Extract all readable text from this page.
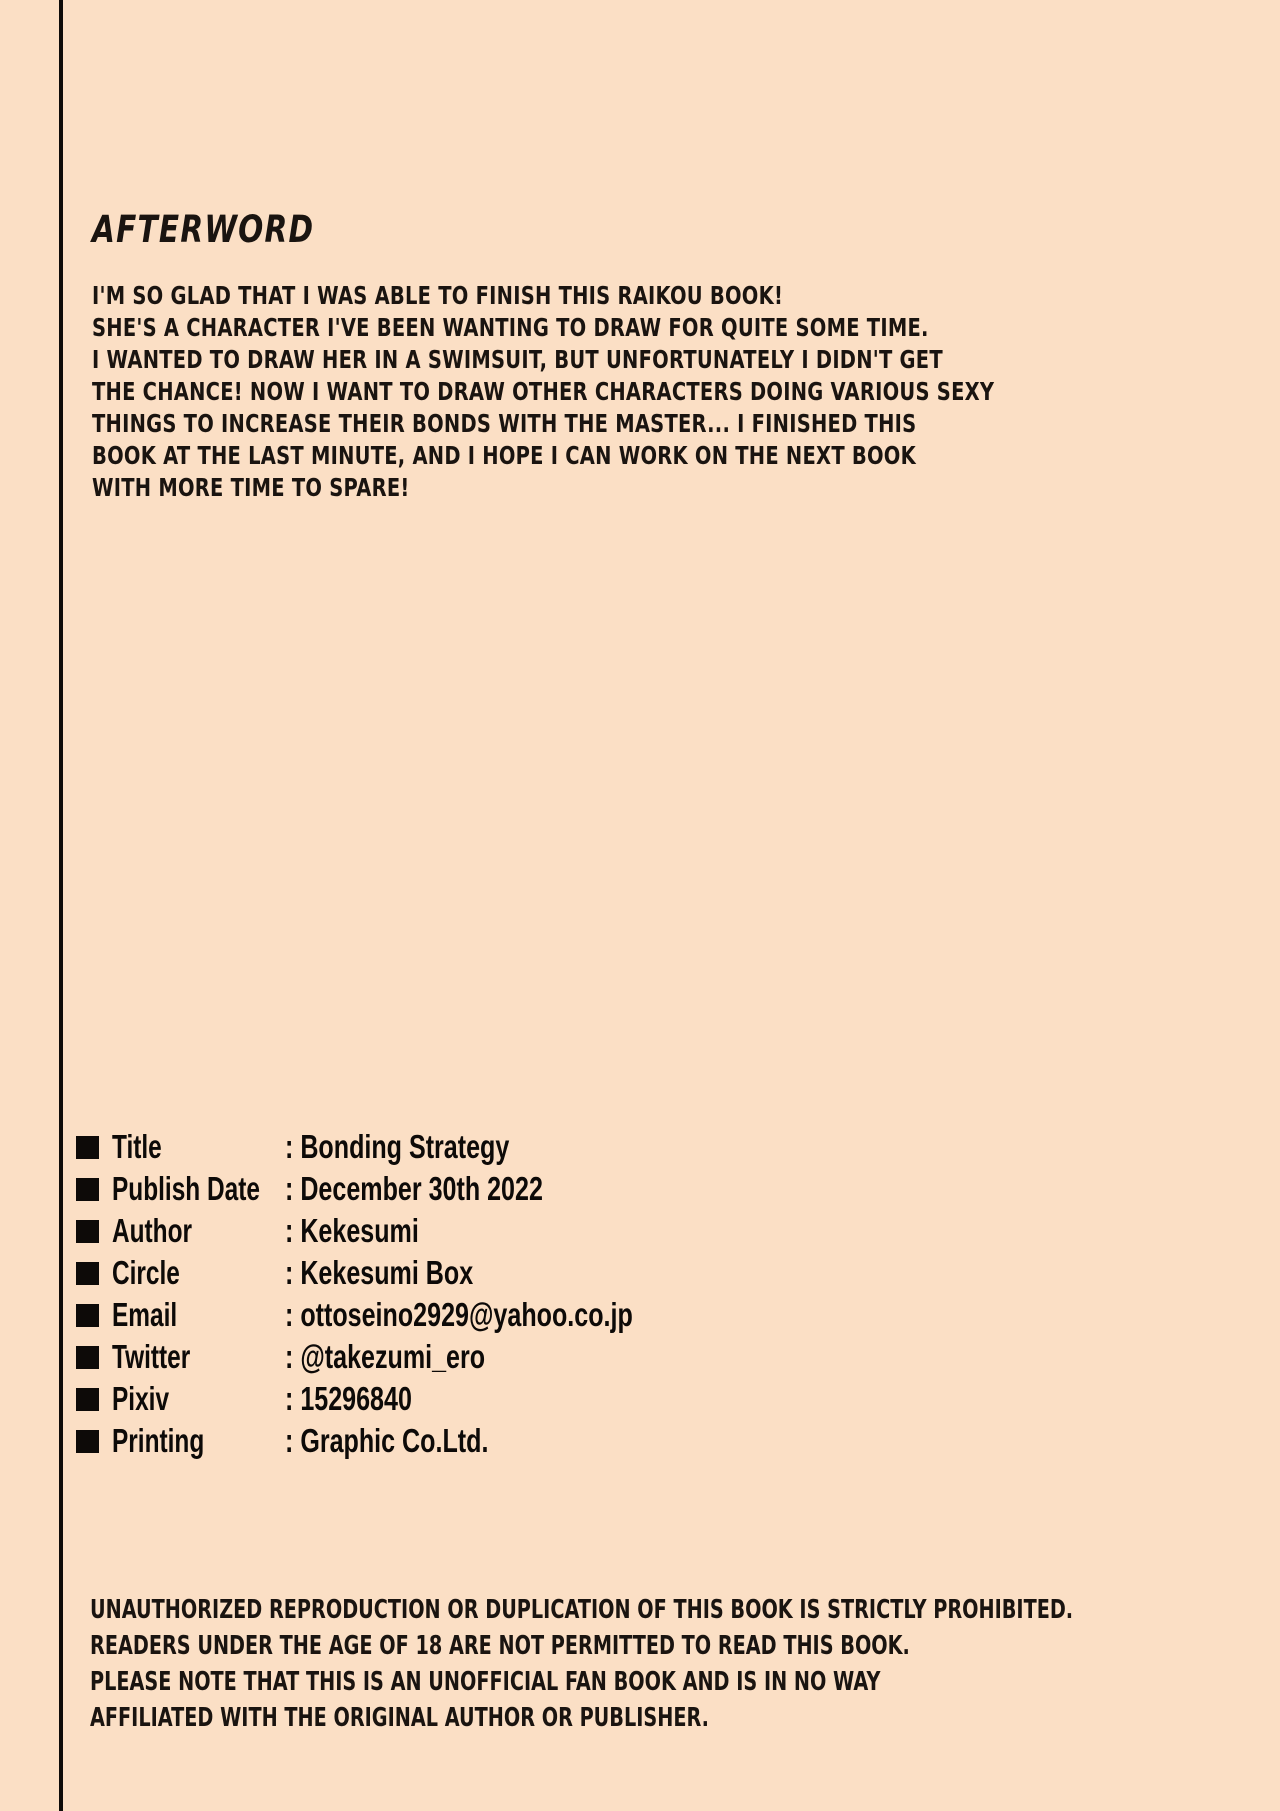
AFTERWORD
I'M SO GLAD THAT I WAS ABLE TO FINISH THIS RAIKOU BOOK!
SHE'S A CHARACTER I'VE BEEN WANTING TO DRAW FOR QUITE SOME TIME.
I WANTED TO DRAW HER IN A SWIMSUIT, BUT UNFORTUNATELY I DIDN'T GET
THE CHANCE! NOW I WANT TO DRAW OTHER CHARACTERS DOING VARIOUS SEXY
THINGS TO INCREASE THEIR BONDS WITH THE MASTER... I FINISHED THIS
BOOK AT THE LAST MINUTE, AND I HOPE I CAN WORK ON THE NEXT BOOK
WITH MORE TIME TO SPARE!
Title	: Bonding Strategy
Publish Date : December 30th 2022
Author	: Kekesumi
Circle	: Kekesumi Box
Email	: ottoseino2929@yahoo.co.jp
Twitter	: @takezumi_ero
Pixiv	: 15296840
Printing	: Graphic Co.Ltd.
UNAUTHORIZED REPRODUCTION OR DUPLICATION OF THIS BOOK IS STRICTLY PROHIBITED.
READERS UNDER THE AGE OF 18 ARE NOT PERMITTED TO READ THIS BOOK.
PLEASE NOTE THAT THIS IS AN UNOFFICIAL FAN BOOK AND IS IN NO WAY
AFFILIATED WITH THE ORIGINAL AUTHOR OR PUBLISHER.
